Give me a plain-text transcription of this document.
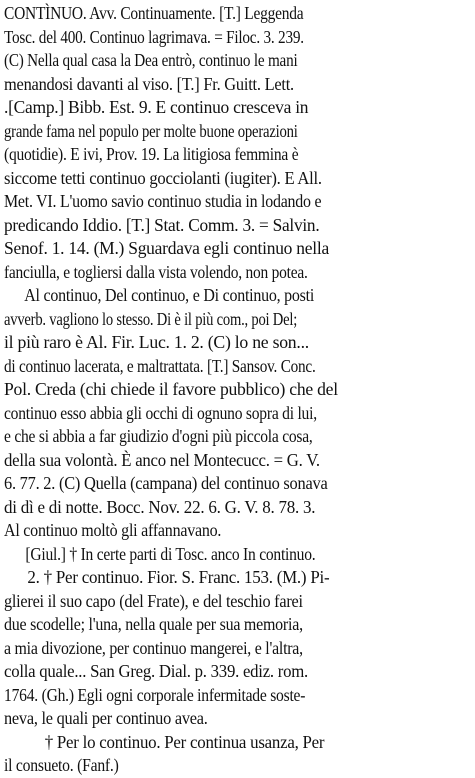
CONTÌNUO. Avv. Continuamente. [T.] Leggenda
Tosc. del 400. Continuo lagrimava. = Filoc. 3. 239.
(C) Nella qual casa la Dea entrò, continuo le mani
menandosi davanti al viso. [T.] Fr. Guitt. Lett.
.[Camp.] Bibb. Est. 9. E continuo cresceva in
grande fama nel populo per molte buone operazioni
(quotidie). E ivi, Prov. 19. La litigiosa femmina è
siccome tetti continuo gocciolanti (iugiter). E All.
Met. VI. L'uomo savio continuo studia in lodando e
predicando Iddio. [T.] Stat. Comm. 3. = Salvin.
Senof. 1. 14. (M.) Sguardava egli continuo nella
fanciulla, e togliersi dalla vista volendo, non potea.
Al continuo, Del continuo, e Di continuo, posti
avverb. vagliono lo stesso. Di è il più com., poi Del;
il più raro è Al. Fir. Luc. 1. 2. (C) lo ne son...
di continuo lacerata, e maltrattata. [T.] Sansov. Conc.
Pol. Creda (chi chiede il favore pubblico) che del
continuo esso abbia gli occhi di ognuno sopra di lui,
e che si abbia a far giudizio d'ogni più piccola cosa,
della sua volontà. È anco nel Montecucc. = G. V.
6. 77. 2. (C) Quella (campana) del continuo sonava
di dì e di notte. Bocc. Nov. 22. 6. G. V. 8. 78. 3.
Al continuo moltò gli affannavano.
[Giul.] † In certe parti di Tosc. anco In continuo.
2. † Per continuo. Fior. S. Franc. 153. (M.) Pi-
glierei il suo capo (del Frate), e del teschio farei
due scodelle; l'una, nella quale per sua memoria,
a mia divozione, per continuo mangerei, e l'altra,
colla quale... San Greg. Dial. p. 339. ediz. rom.
1764. (Gh.) Egli ogni corporale infermitade soste-
neva, le quali per continuo avea.
† Per lo continuo. Per continua usanza, Per
il consueto. (Fanf.)
